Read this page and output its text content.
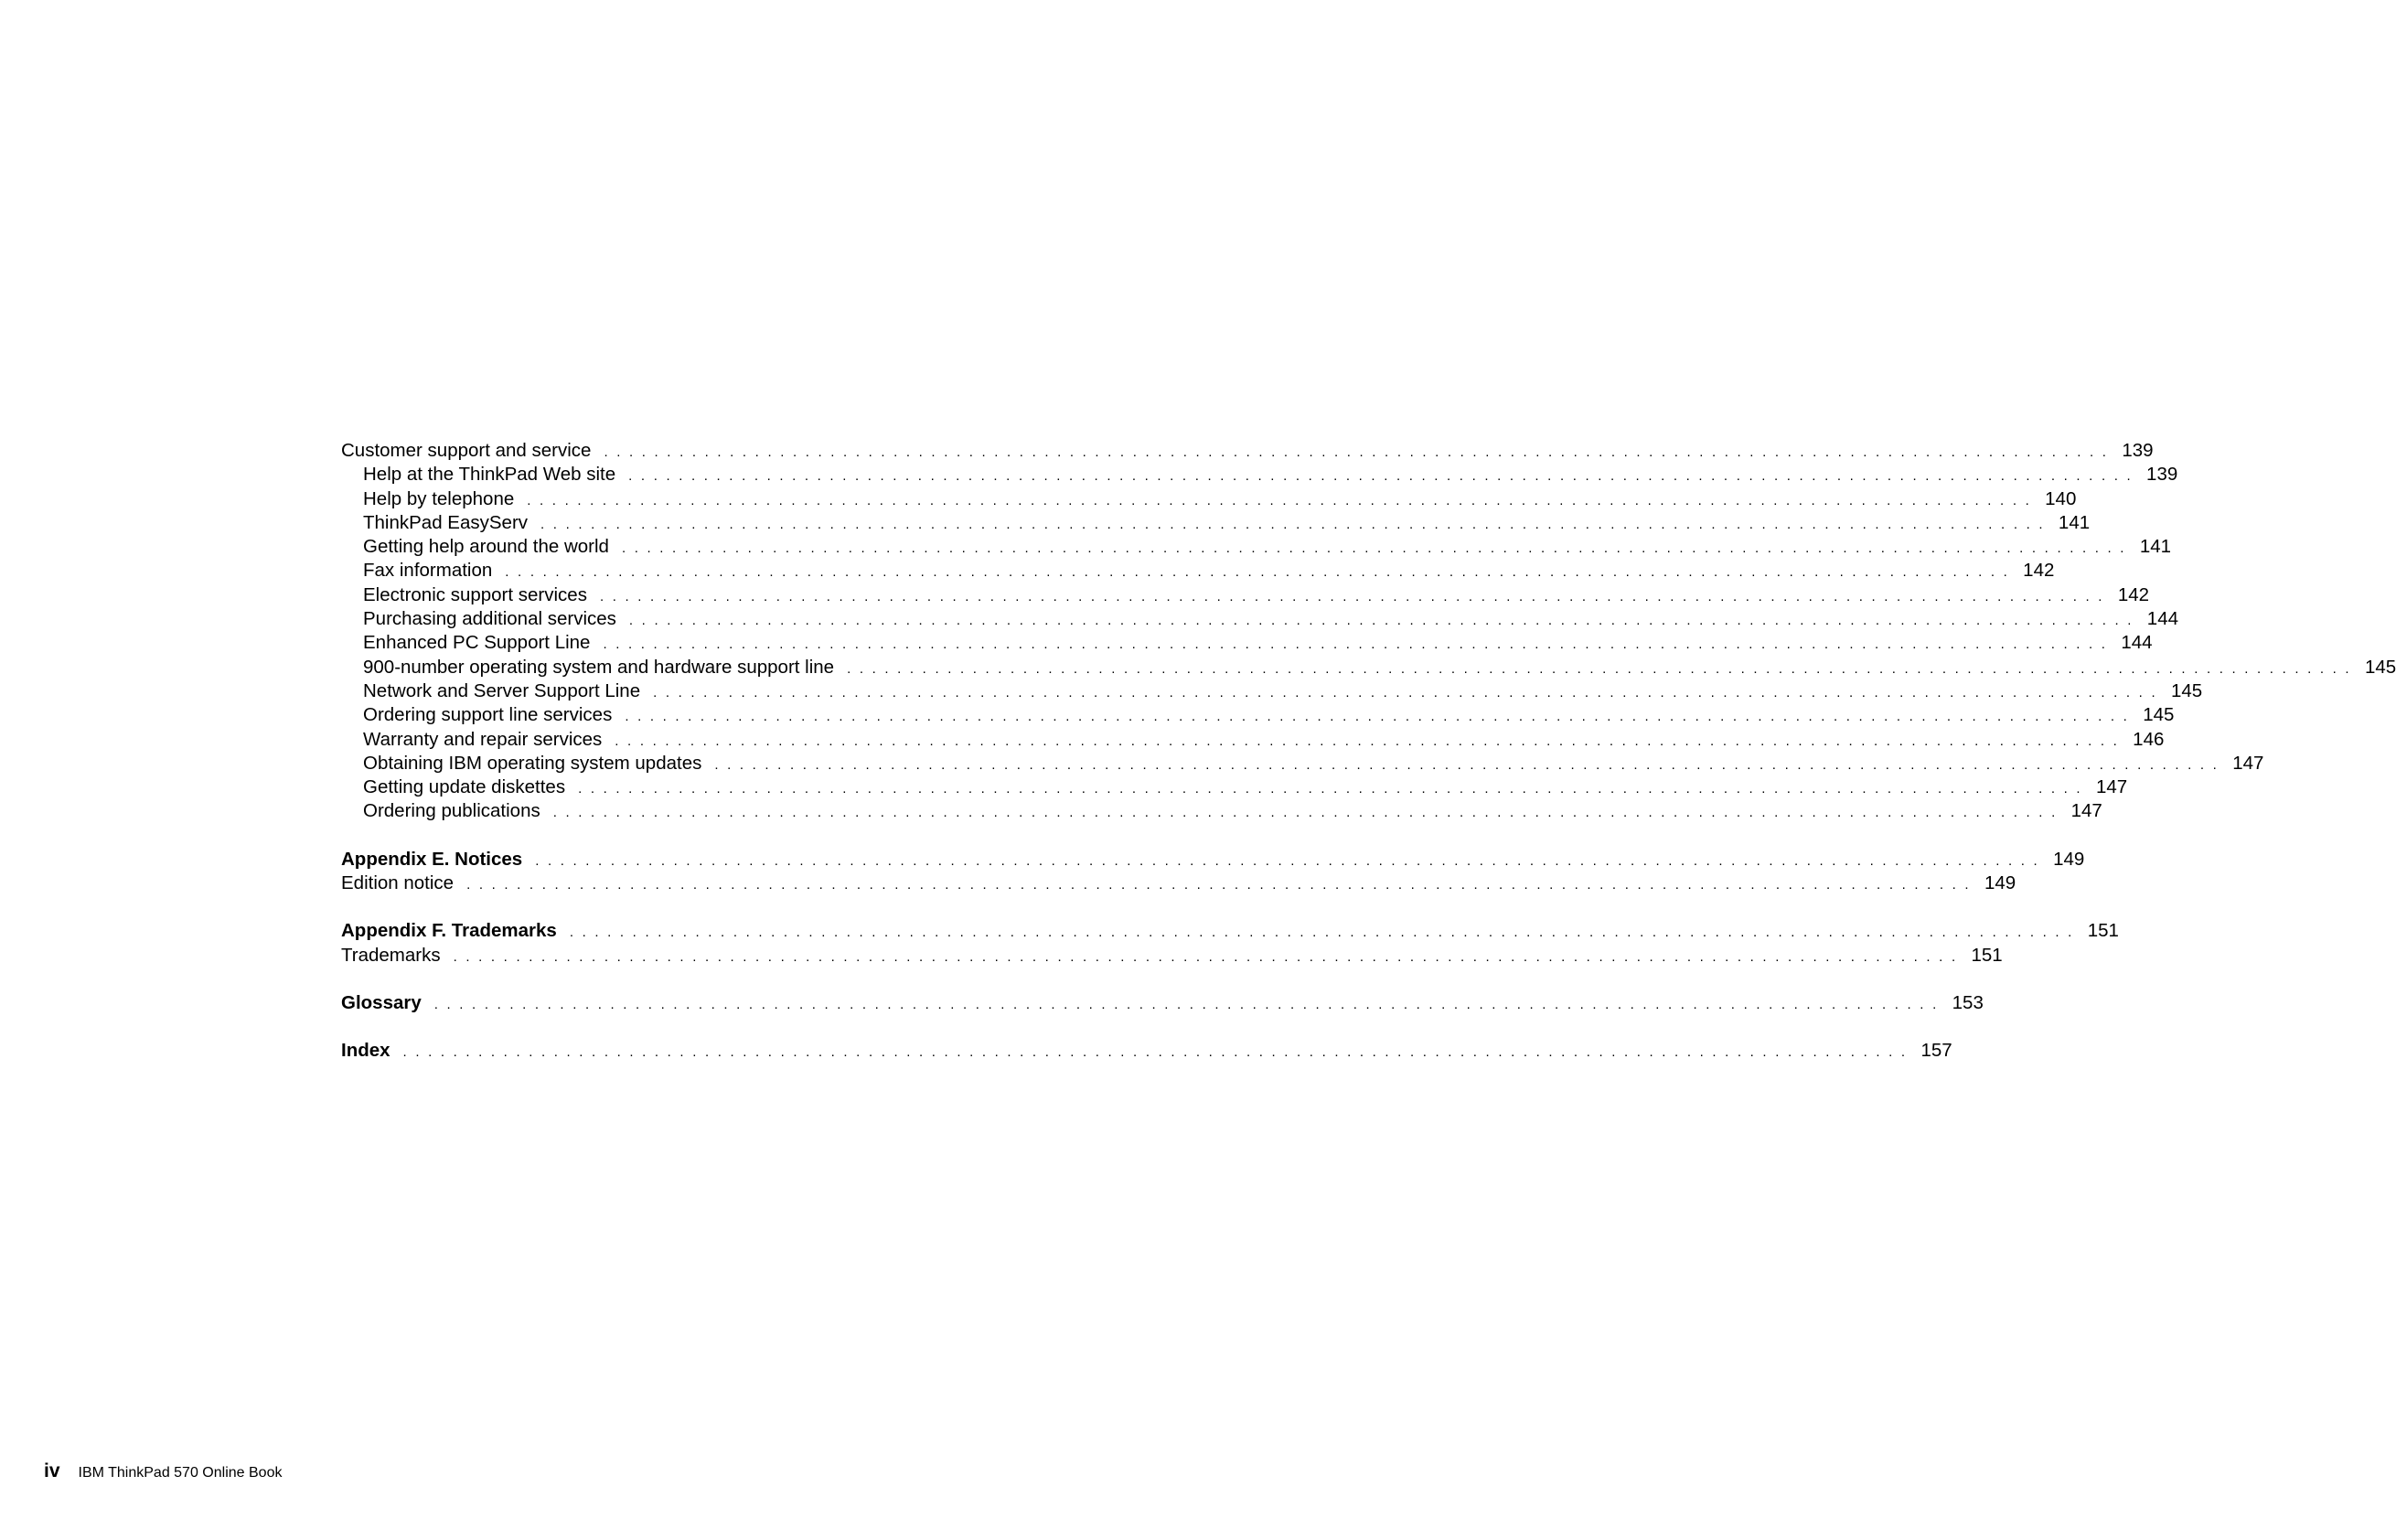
Customer support and service ........................................................................................................................ 139
Help at the ThinkPad Web site ........................................................................................................................ 139
Help by telephone ........................................................................................................................ 140
ThinkPad EasyServ ........................................................................................................................ 141
Getting help around the world ........................................................................................................................ 141
Fax information ........................................................................................................................ 142
Electronic support services ........................................................................................................................ 142
Purchasing additional services ........................................................................................................................ 144
Enhanced PC Support Line ........................................................................................................................ 144
900-number operating system and hardware support line ........................................................................................................................ 145
Network and Server Support Line ........................................................................................................................ 145
Ordering support line services ........................................................................................................................ 145
Warranty and repair services ........................................................................................................................ 146
Obtaining IBM operating system updates ........................................................................................................................ 147
Getting update diskettes ........................................................................................................................ 147
Ordering publications ........................................................................................................................ 147
Appendix E. Notices ........................................................................................................................ 149
Edition notice ........................................................................................................................ 149
Appendix F. Trademarks ........................................................................................................................ 151
Trademarks ........................................................................................................................ 151
Glossary ........................................................................................................................ 153
Index ........................................................................................................................ 157
iv IBM ThinkPad 570 Online Book
